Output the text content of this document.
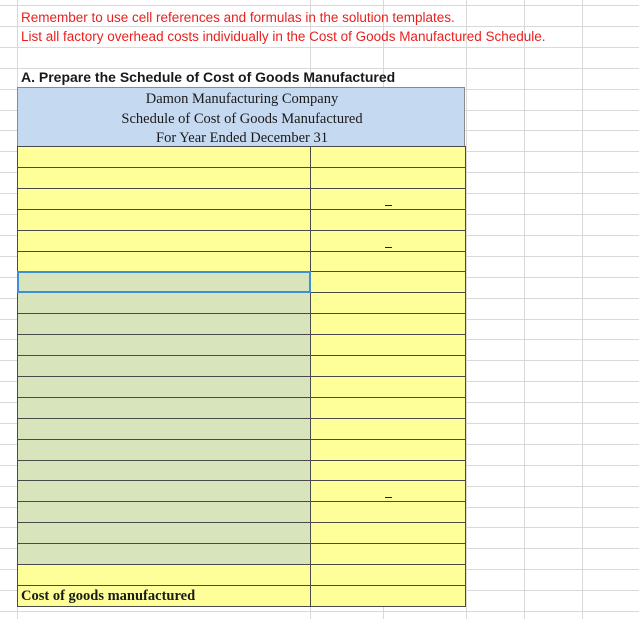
Remember to use cell references and formulas in the solution templates.
List all factory overhead costs individually in the Cost of Goods Manufactured Schedule.
A. Prepare the Schedule of Cost of Goods Manufactured
Damon Manufacturing Company
Schedule of Cost of Goods Manufactured
For Year Ended December 31
Cost of goods manufactured
